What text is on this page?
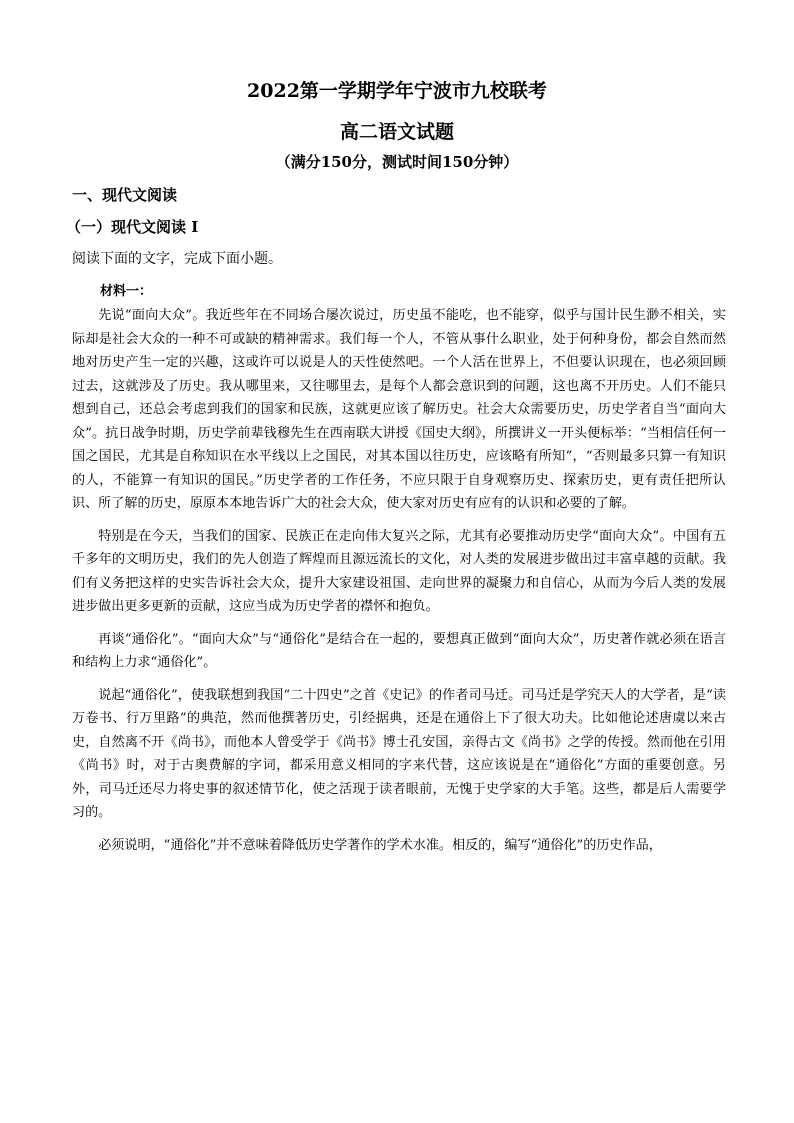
2022第一学期学年宁波市九校联考
高二语文试题
（满分150分，测试时间150分钟）
一、现代文阅读
（一）现代文阅读 I
阅读下面的文字，完成下面小题。
材料一：

先说“面向大众”。我近些年在不同场合屡次说过，历史虽不能吃，也不能穿，似乎与国计民生渺不相关，实际却是社会大众的一种不可或缺的精神需求。我们每一个人，不管从事什么职业，处于何种身份，都会自然而然地对历史产生一定的兴趣，这或许可以说是人的天性使然吧。一个人活在世界上，不但要认识现在，也必须回顾过去，这就涉及了历史。我从哪里来，又往哪里去，是每个人都会意识到的问题，这也离不开历史。人们不能只想到自己，还总会考虑到我们的国家和民族，这就更应该了解历史。社会大众需要历史，历史学者自当“面向大众”。抗日战争时期，历史学前辈钱穆先生在西南联大讲授《国史大纲》，所撰讲义一开头便标举：“当相信任何一国之国民，尤其是自称知识在水平线以上之国民，对其本国以往历史，应该略有所知”，“否则最多只算一有知识的人，不能算一有知识的国民。”历史学者的工作任务，不应只限于自身观察历史、探索历史，更有责任把所认识、所了解的历史，原原本本地告诉广大的社会大众，使大家对历史有应有的认识和必要的了解。

特别是在今天，当我们的国家、民族正在走向伟大复兴之际，尤其有必要推动历史学“面向大众”。中国有五千多年的文明历史，我们的先人创造了辉煌而且源远流长的文化，对人类的发展进步做出过丰富卓越的贡献。我们有义务把这样的史实告诉社会大众，提升大家建设祖国、走向世界的凝聚力和自信心，从而为今后人类的发展进步做出更多更新的贡献，这应当成为历史学者的襟怀和抱负。

再谈“通俗化”。“面向大众”与“通俗化”是结合在一起的，要想真正做到“面向大众”，历史著作就必须在语言和结构上力求“通俗化”。

说起“通俗化”，使我联想到我国“二十四史”之首《史记》的作者司马迁。司马迁是学究天人的大学者，是“读万卷书、行万里路”的典范，然而他撰著历史，引经据典，还是在通俗上下了很大功夫。比如他论述唐虞以来古史，自然离不开《尚书》，而他本人曾受学于《尚书》博士孔安国，亲得古文《尚书》之学的传授。然而他在引用《尚书》时，对于古奥费解的字词，都采用意义相同的字来代替，这应该说是在“通俗化”方面的重要创意。另外，司马迁还尽力将史事的叙述情节化，使之活现于读者眼前，无愧于史学家的大手笔。这些，都是后人需要学习的。

必须说明，“通俗化”并不意味着降低历史学著作的学术水准。相反的，编写“通俗化”的历史作品，
